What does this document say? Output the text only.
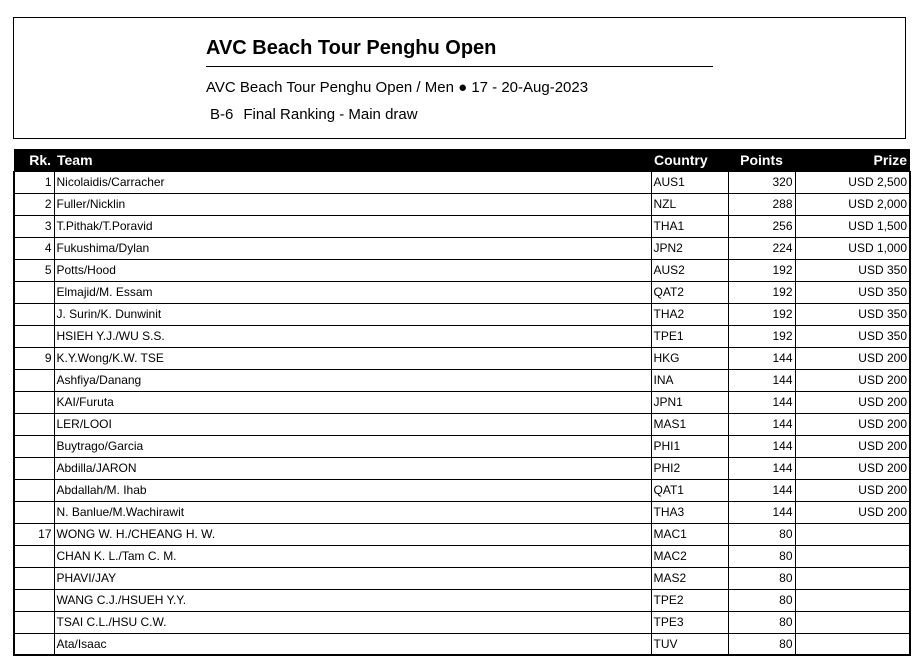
AVC Beach Tour Penghu Open
AVC Beach Tour Penghu Open / Men ● 17 - 20-Aug-2023
B-6 Final Ranking - Main draw
Rk.	Team	Country	Points	Prize
1	Nicolaidis/Carracher	AUS1	320	USD 2,500
2	Fuller/Nicklin	NZL	288	USD 2,000
3	T.Pithak/T.Poravid	THA1	256	USD 1,500
4	Fukushima/Dylan	JPN2	224	USD 1,000
5	Potts/Hood	AUS2	192	USD 350
	Elmajid/M. Essam	QAT2	192	USD 350
	J. Surin/K. Dunwinit	THA2	192	USD 350
	HSIEH Y.J./WU S.S.	TPE1	192	USD 350
9	K.Y.Wong/K.W. TSE	HKG	144	USD 200
	Ashfiya/Danang	INA	144	USD 200
	KAI/Furuta	JPN1	144	USD 200
	LER/LOOI	MAS1	144	USD 200
	Buytrago/Garcia	PHI1	144	USD 200
	Abdilla/JARON	PHI2	144	USD 200
	Abdallah/M. Ihab	QAT1	144	USD 200
	N. Banlue/M.Wachirawit	THA3	144	USD 200
17	WONG W. H./CHEANG H. W.	MAC1	80	
	CHAN K. L./Tam C. M.	MAC2	80	
	PHAVI/JAY	MAS2	80	
	WANG C.J./HSUEH Y.Y.	TPE2	80	
	TSAI C.L./HSU C.W.	TPE3	80	
	Ata/Isaac	TUV	80	
